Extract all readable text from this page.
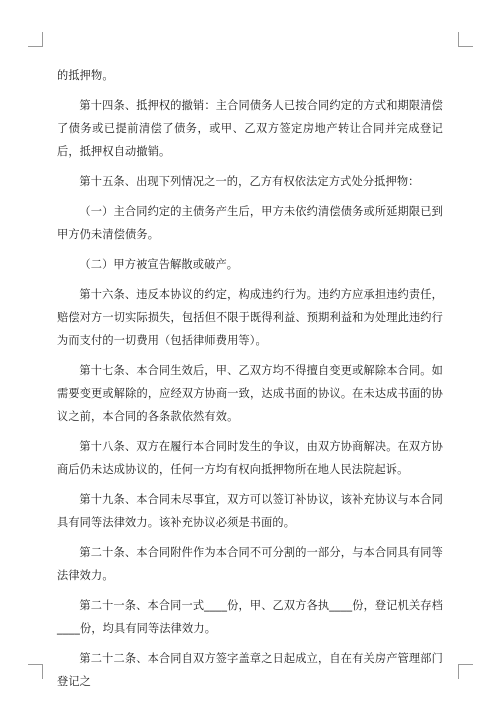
的抵押物。

第十四条、抵押权的撤销：主合同债务人已按合同约定的方式和期限清偿了债务或已提前清偿了债务，或甲、乙双方签定房地产转让合同并完成登记后，抵押权自动撤销。

第十五条、出现下列情况之一的，乙方有权依法定方式处分抵押物：

（一）主合同约定的主债务产生后，甲方未依约清偿债务或所延期限已到甲方仍未清偿债务。

（二）甲方被宣告解散或破产。

第十六条、违反本协议的约定，构成违约行为。违约方应承担违约责任，赔偿对方一切实际损失，包括但不限于既得利益、预期利益和为处理此违约行为而支付的一切费用（包括律师费用等）。

第十七条、本合同生效后，甲、乙双方均不得擅自变更或解除本合同。如需要变更或解除的，应经双方协商一致，达成书面的协议。在未达成书面的协议之前，本合同的各条款依然有效。

第十八条、双方在履行本合同时发生的争议，由双方协商解决。在双方协商后仍未达成协议的，任何一方均有权向抵押物所在地人民法院起诉。

第十九条、本合同未尽事宜，双方可以签订补协议，该补充协议与本合同具有同等法律效力。该补充协议必须是书面的。

第二十条、本合同附件作为本合同不可分割的一部分，与本合同具有同等法律效力。

第二十一条、本合同一式____份，甲、乙双方各执____份，登记机关存档____份，均具有同等法律效力。

第二十二条、本合同自双方签字盖章之日起成立，自在有关房产管理部门登记之
